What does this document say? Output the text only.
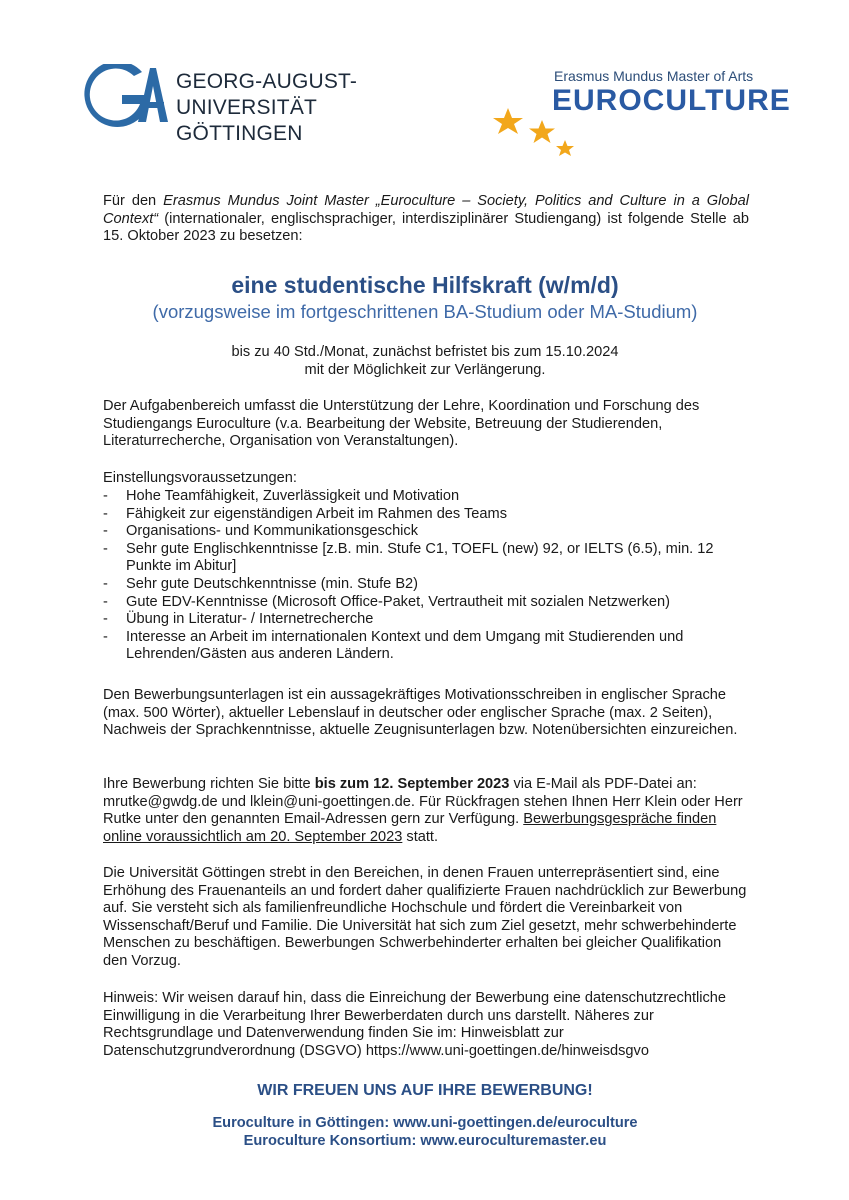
GEORG-AUGUST-UNIVERSITÄT
GÖTTINGEN
Erasmus Mundus Master of Arts
EUROCULTURE

Für den Erasmus Mundus Joint Master „Euroculture – Society, Politics and Culture in a Global Context“ (internationaler, englischsprachiger, interdisziplinärer Studiengang) ist folgende Stelle ab 15. Oktober 2023 zu besetzen:

eine studentische Hilfskraft (w/m/d)
(vorzugsweise im fortgeschrittenen BA-Studium oder MA-Studium)
bis zu 40 Std./Monat, zunächst befristet bis zum 15.10.2024
mit der Möglichkeit zur Verlängerung.

Der Aufgabenbereich umfasst die Unterstützung der Lehre, Koordination und Forschung des Studiengangs Euroculture (v.a. Bearbeitung der Website, Betreuung der Studierenden, Literaturrecherche, Organisation von Veranstaltungen).

Einstellungsvoraussetzungen:

- Hohe Teamfähigkeit, Zuverlässigkeit und Motivation
- Fähigkeit zur eigenständigen Arbeit im Rahmen des Teams
- Organisations- und Kommunikationsgeschick
- Sehr gute Englischkenntnisse [z.B. min. Stufe C1, TOEFL (new) 92, or IELTS (6.5), min. 12 Punkte im Abitur]
- Sehr gute Deutschkenntnisse (min. Stufe B2)
- Gute EDV-Kenntnisse (Microsoft Office-Paket, Vertrautheit mit sozialen Netzwerken)
- Übung in Literatur- / Internetrecherche
- Interesse an Arbeit im internationalen Kontext und dem Umgang mit Studierenden und Lehrenden/Gästen aus anderen Ländern.

Den Bewerbungsunterlagen ist ein aussagekräftiges Motivationsschreiben in englischer Sprache (max. 500 Wörter), aktueller Lebenslauf in deutscher oder englischer Sprache (max. 2 Seiten), Nachweis der Sprachkenntnisse, aktuelle Zeugnisunterlagen bzw. Notenübersichten einzureichen.

Ihre Bewerbung richten Sie bitte bis zum 12. September 2023 via E-Mail als PDF-Datei an: mrutke@gwdg.de und lklein@uni-goettingen.de. Für Rückfragen stehen Ihnen Herr Klein oder Herr Rutke unter den genannten Email-Adressen gern zur Verfügung. Bewerbungsgespräche finden online voraussichtlich am 20. September 2023 statt.

Die Universität Göttingen strebt in den Bereichen, in denen Frauen unterrepräsentiert sind, eine Erhöhung des Frauenanteils an und fordert daher qualifizierte Frauen nachdrücklich zur Bewerbung auf. Sie versteht sich als familienfreundliche Hochschule und fördert die Vereinbarkeit von Wissenschaft/Beruf und Familie. Die Universität hat sich zum Ziel gesetzt, mehr schwerbehinderte Menschen zu beschäftigen. Bewerbungen Schwerbehinderter erhalten bei gleicher Qualifikation den Vorzug.

Hinweis: Wir weisen darauf hin, dass die Einreichung der Bewerbung eine datenschutzrechtliche Einwilligung in die Verarbeitung Ihrer Bewerberdaten durch uns darstellt. Näheres zur Rechtsgrundlage und Datenverwendung finden Sie im: Hinweisblatt zur Datenschutzgrundverordnung (DSGVO) https://www.uni-goettingen.de/hinweisdsgvo

WIR FREUEN UNS AUF IHRE BEWERBUNG!
Euroculture in Göttingen: www.uni-goettingen.de/euroculture
Euroculture Konsortium: www.euroculturemaster.eu
